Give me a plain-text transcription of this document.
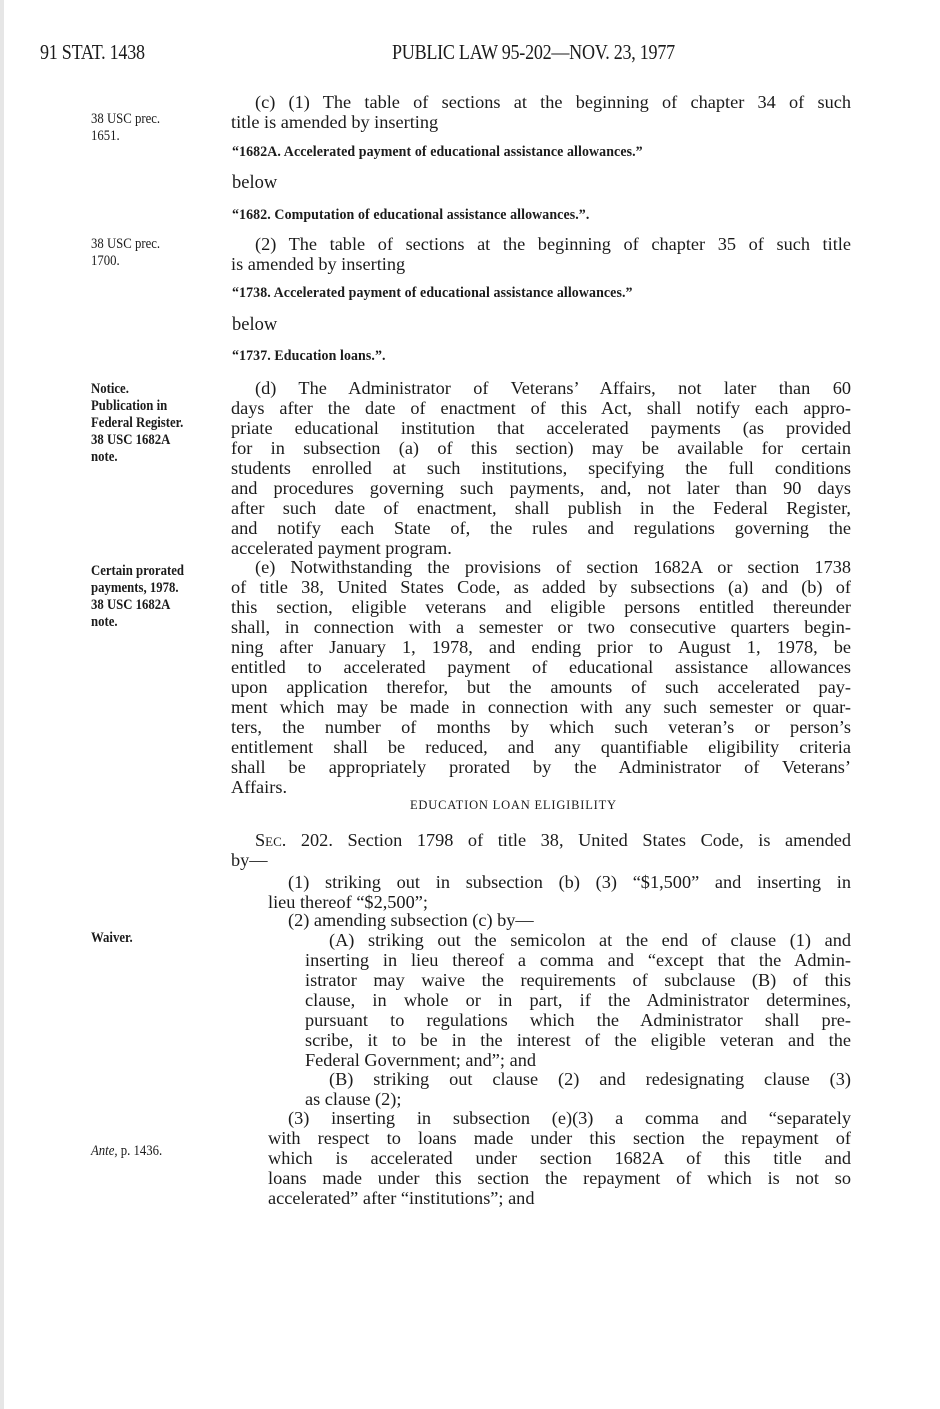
91 STAT. 1438	PUBLIC LAW 95-202—NOV. 23, 1977
38 USC prec.
1651.
38 USC prec.
1700.
Notice.
Publication in
Federal Register.
38 USC 1682A
note.
Certain prorated
payments, 1978.
38 USC 1682A
note.
Waiver.
Ante, p. 1436.
(c) (1) The table of sections at the beginning of chapter 34 of such
title is amended by inserting
“1682A. Accelerated payment of educational assistance allowances.”
below
“1682. Computation of educational assistance allowances.”.
(2) The table of sections at the beginning of chapter 35 of such title
is amended by inserting
“1738. Accelerated payment of educational assistance allowances.”
below
“1737. Education loans.”.
(d) The Administrator of Veterans’ Affairs, not later than 60
days after the date of enactment of this Act, shall notify each appro-
priate educational institution that accelerated payments (as provided
for in subsection (a) of this section) may be available for certain
students enrolled at such institutions, specifying the full conditions
and procedures governing such payments, and, not later than 90 days
after such date of enactment, shall publish in the Federal Register,
and notify each State of, the rules and regulations governing the
accelerated payment program.
(e) Notwithstanding the provisions of section 1682A or section 1738
of title 38, United States Code, as added by subsections (a) and (b) of
this section, eligible veterans and eligible persons entitled thereunder
shall, in connection with a semester or two consecutive quarters begin-
ning after January 1, 1978, and ending prior to August 1, 1978, be
entitled to accelerated payment of educational assistance allowances
upon application therefor, but the amounts of such accelerated pay-
ment which may be made in connection with any such semester or quar-
ters, the number of months by which such veteran’s or person’s
entitlement shall be reduced, and any quantifiable eligibility criteria
shall be appropriately prorated by the Administrator of Veterans’
Affairs.
EDUCATION LOAN ELIGIBILITY
Sec. 202. Section 1798 of title 38, United States Code, is amended
by—
(1) striking out in subsection (b) (3) “$1,500” and inserting in
lieu thereof “$2,500”;
(2) amending subsection (c) by—
(A) striking out the semicolon at the end of clause (1) and
inserting in lieu thereof a comma and “except that the Admin-
istrator may waive the requirements of subclause (B) of this
clause, in whole or in part, if the Administrator determines,
pursuant to regulations which the Administrator shall pre-
scribe, it to be in the interest of the eligible veteran and the
Federal Government; and”; and
(B) striking out clause (2) and redesignating clause (3)
as clause (2);
(3) inserting in subsection (e)(3) a comma and “separately
with respect to loans made under this section the repayment of
which is accelerated under section 1682A of this title and
loans made under this section the repayment of which is not so
accelerated” after “institutions”; and
